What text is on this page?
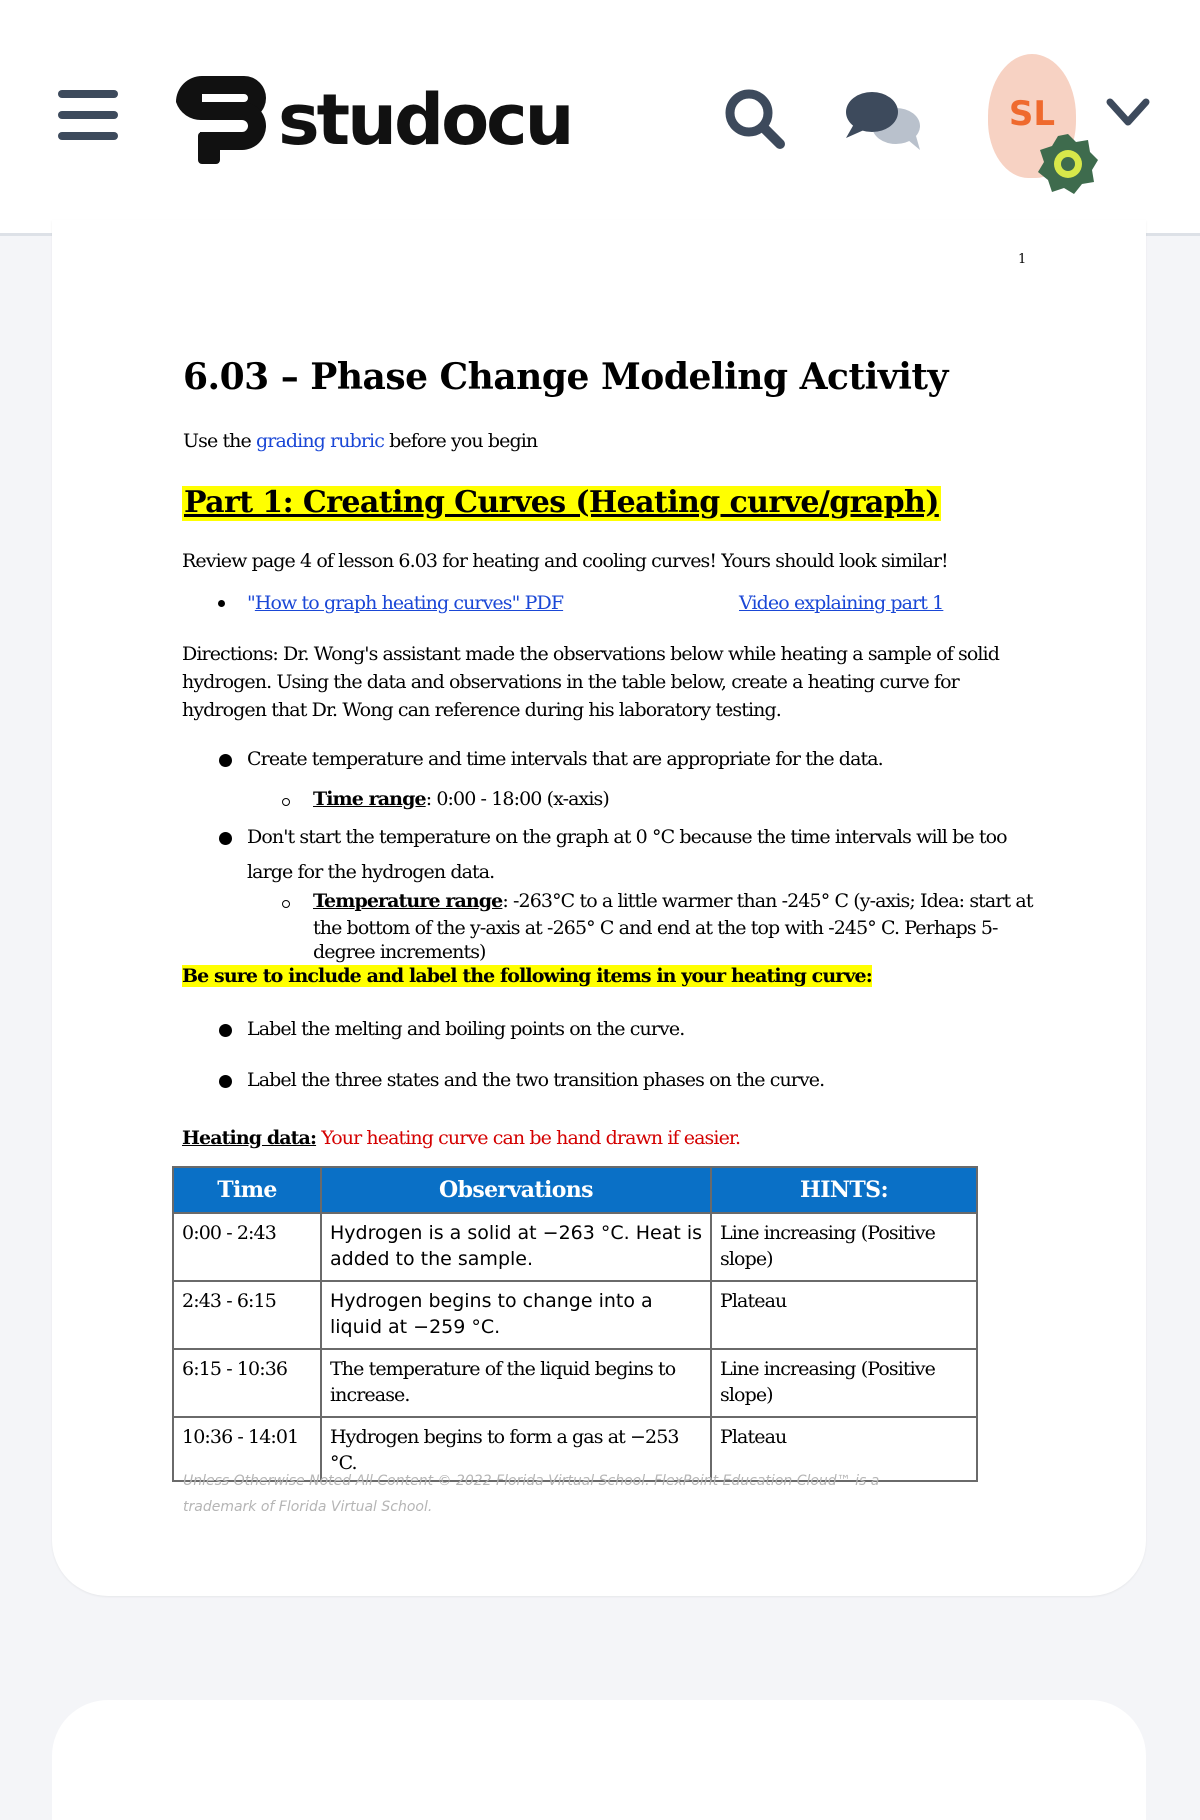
studocu	SL
1
6.03 – Phase Change Modeling Activity
Use the grading rubric before you begin
Part 1: Creating Curves (Heating curve/graph)
Review page 4 of lesson 6.03 for heating and cooling curves! Yours should look similar!
"How to graph heating curves" PDF	Video explaining part 1
Directions: Dr. Wong's assistant made the observations below while heating a sample of solid hydrogen. Using the data and observations in the table below, create a heating curve for hydrogen that Dr. Wong can reference during his laboratory testing.
Create temperature and time intervals that are appropriate for the data.
Time range: 0:00 - 18:00 (x-axis)
Don't start the temperature on the graph at 0 °C because the time intervals will be too
large for the hydrogen data.
Temperature range: -263°C to a little warmer than -245° C (y-axis; Idea: start at
the bottom of the y-axis at -265° C and end at the top with -245° C. Perhaps 5-
degree increments)
Be sure to include and label the following items in your heating curve:
Label the melting and boiling points on the curve.
Label the three states and the two transition phases on the curve.
Heating data: Your heating curve can be hand drawn if easier.
Time	Observations	HINTS:
0:00 - 2:43	Hydrogen is a solid at −263 °C. Heat is added to the sample.	Line increasing (Positive slope)
2:43 - 6:15	Hydrogen begins to change into a liquid at −259 °C.	Plateau
6:15 - 10:36	The temperature of the liquid begins to increase.	Line increasing (Positive slope)
10:36 - 14:01	Hydrogen begins to form a gas at −253 °C.	Plateau
Unless Otherwise Noted All Content © 2022 Florida Virtual School. FlexPoint Education Cloud™ is a
trademark of Florida Virtual School.
